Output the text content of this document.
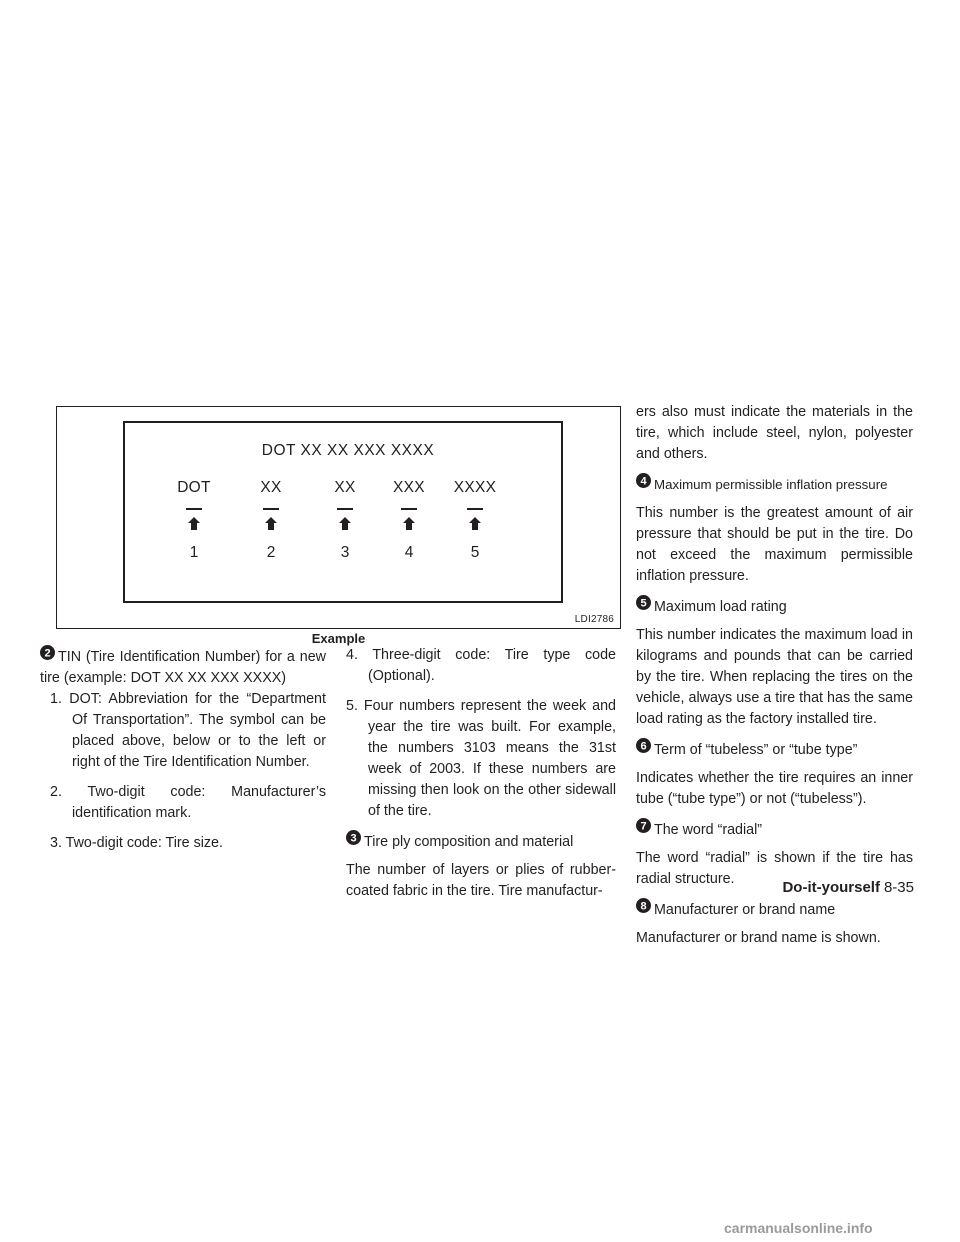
DOT XX XX XXX XXXX
DOT
1
XX
2
XX
3
XXX
4
XXXX
5
LDI2786
Example

2 TIN (Tire Identification Number) for a new tire (example: DOT XX XX XXX XXXX)

1. DOT: Abbreviation for the “Department Of Transportation”. The symbol can be placed above, below or to the left or right of the Tire Identification Number.

2. Two-digit code: Manufacturer’s identification mark.

3. Two-digit code: Tire size.

4. Three-digit code: Tire type code (Optional).

5. Four numbers represent the week and year the tire was built. For example, the numbers 3103 means the 31st week of 2003. If these numbers are missing then look on the other sidewall of the tire.

3 Tire ply composition and material

The number of layers or plies of rubber-coated fabric in the tire. Tire manufactur-

ers also must indicate the materials in the tire, which include steel, nylon, polyester and others.

4 Maximum permissible inflation pressure

This number is the greatest amount of air pressure that should be put in the tire. Do not exceed the maximum permissible inflation pressure.

5 Maximum load rating

This number indicates the maximum load in kilograms and pounds that can be carried by the tire. When replacing the tires on the vehicle, always use a tire that has the same load rating as the factory installed tire.

6 Term of “tubeless” or “tube type”

Indicates whether the tire requires an inner tube (“tube type”) or not (“tubeless”).

7 The word “radial”

The word “radial” is shown if the tire has radial structure.

8 Manufacturer or brand name

Manufacturer or brand name is shown.

Do-it-yourself 8-35
carmanualsonline.info
